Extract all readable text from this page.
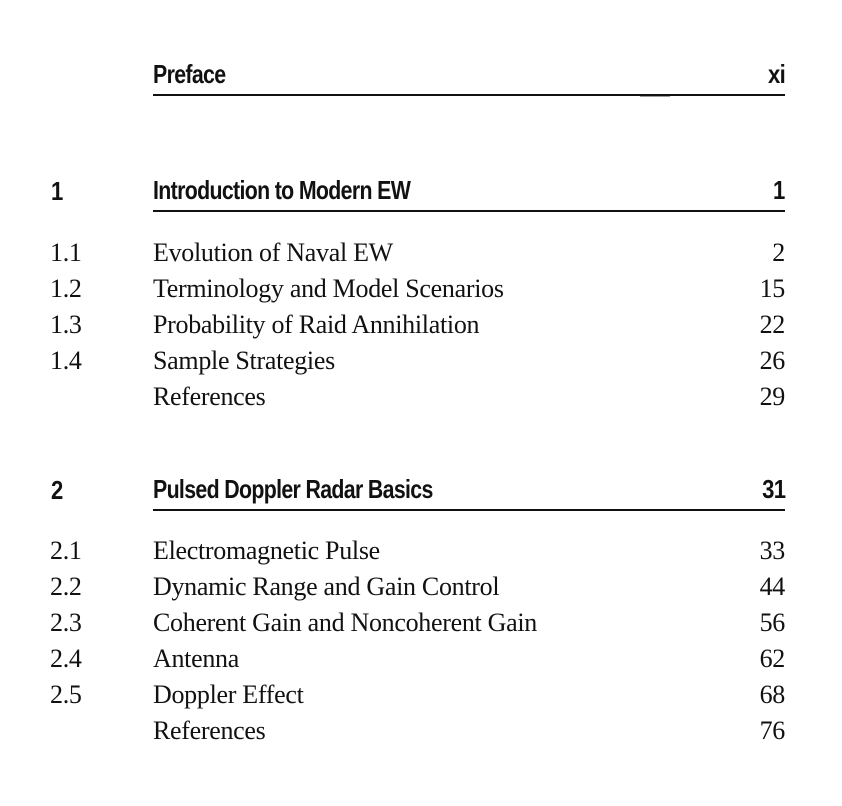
Preface	xi
1	Introduction to Modern EW	1
1.1	Evolution of Naval EW	2
1.2	Terminology and Model Scenarios	15
1.3	Probability of Raid Annihilation	22
1.4	Sample Strategies	26
References	29
2	Pulsed Doppler Radar Basics	31
2.1	Electromagnetic Pulse	33
2.2	Dynamic Range and Gain Control	44
2.3	Coherent Gain and Noncoherent Gain	56
2.4	Antenna	62
2.5	Doppler Effect	68
References	76
